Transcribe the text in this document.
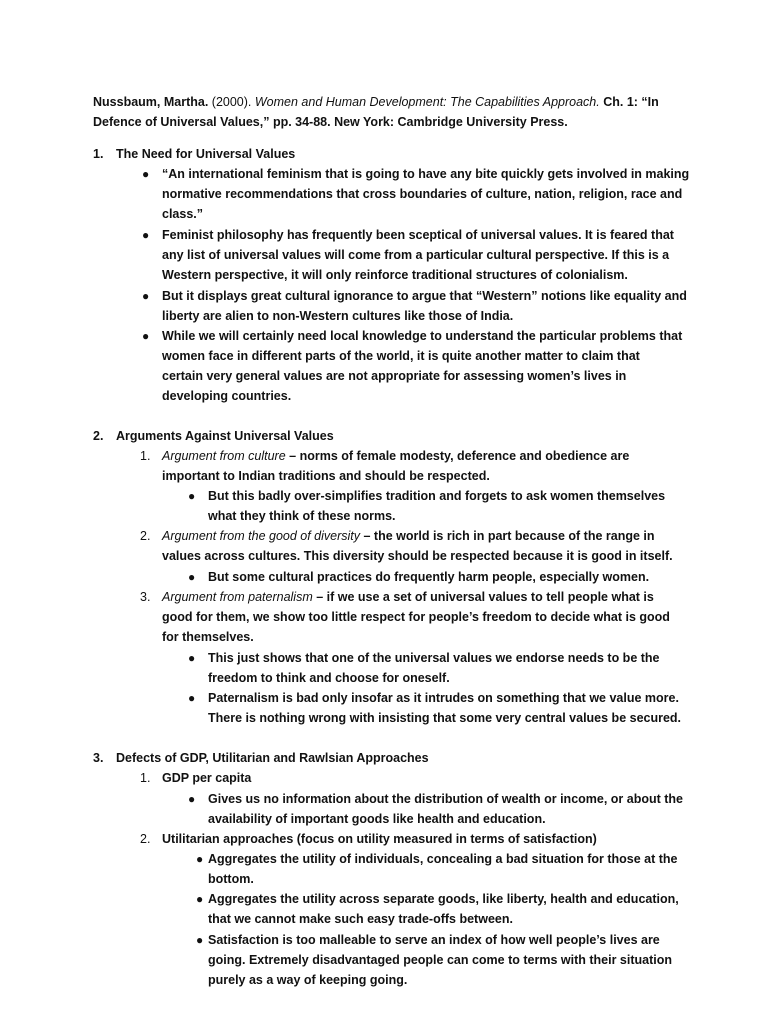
Nussbaum, Martha. (2000). Women and Human Development: The Capabilities Approach. Ch. 1: “In
Defence of Universal Values,” pp. 34-88. New York: Cambridge University Press.
1. The Need for Universal Values
● “An international feminism that is going to have any bite quickly gets involved in making
normative recommendations that cross boundaries of culture, nation, religion, race and
class.”
● Feminist philosophy has frequently been sceptical of universal values. It is feared that
any list of universal values will come from a particular cultural perspective. If this is a
Western perspective, it will only reinforce traditional structures of colonialism.
● But it displays great cultural ignorance to argue that “Western” notions like equality and
liberty are alien to non-Western cultures like those of India.
● While we will certainly need local knowledge to understand the particular problems that
women face in different parts of the world, it is quite another matter to claim that
certain very general values are not appropriate for assessing women’s lives in
developing countries.
2. Arguments Against Universal Values
1. Argument from culture – norms of female modesty, deference and obedience are
important to Indian traditions and should be respected.
● But this badly over-simplifies tradition and forgets to ask women themselves
what they think of these norms.
2. Argument from the good of diversity – the world is rich in part because of the range in
values across cultures. This diversity should be respected because it is good in itself.
● But some cultural practices do frequently harm people, especially women.
3. Argument from paternalism – if we use a set of universal values to tell people what is
good for them, we show too little respect for people’s freedom to decide what is good
for themselves.
● This just shows that one of the universal values we endorse needs to be the
freedom to think and choose for oneself.
● Paternalism is bad only insofar as it intrudes on something that we value more.
There is nothing wrong with insisting that some very central values be secured.
3. Defects of GDP, Utilitarian and Rawlsian Approaches
1. GDP per capita
● Gives us no information about the distribution of wealth or income, or about the
availability of important goods like health and education.
2. Utilitarian approaches (focus on utility measured in terms of satisfaction)
● Aggregates the utility of individuals, concealing a bad situation for those at the
bottom.
● Aggregates the utility across separate goods, like liberty, health and education,
that we cannot make such easy trade-offs between.
● Satisfaction is too malleable to serve an index of how well people’s lives are
going. Extremely disadvantaged people can come to terms with their situation
purely as a way of keeping going.
